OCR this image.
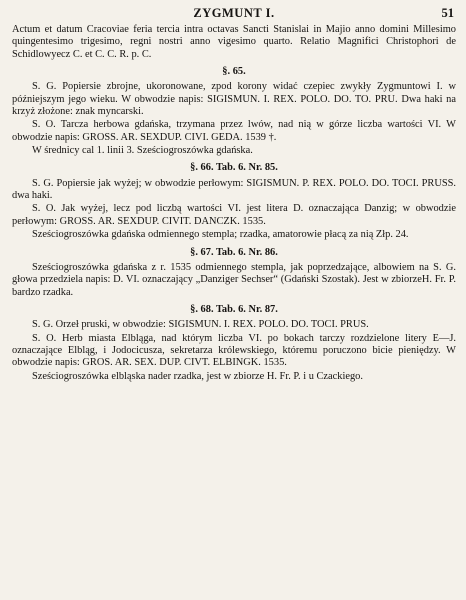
ZYGMUNT I.	51

Actum et datum Cracoviae feria tercia intra octavas Sancti Stanislai in Majio anno domini Millesimo quingentesimo trigesimo, regni nostri anno vigesimo quarto. Relatio Magnifici Christophori de Schidlowyecz C. et C. C. R. p. C.

§. 65.

S. G. Popiersie zbrojne, ukoronowane, zpod korony widać czepiec zwykły Zygmuntowi I. w późniejszym jego wieku. W obwodzie napis: SIGISMUN. I. REX. POLO. DO. TO. PRU. Dwa haki na krzyż złożone: znak myncarski.

S. O. Tarcza herbowa gdańska, trzymana przez lwów, nad nią w górze liczba wartości VI. W obwodzie napis: GROSS. AR. SEXDUP. CIVI. GEDA. 1539 †.

W średnicy cal 1. linii 3. Sześciogroszówka gdańska.

§. 66. Tab. 6. Nr. 85.

S. G. Popiersie jak wyżej; w obwodzie perłowym: SIGISMUN. P. REX. POLO. DO. TOCI. PRUSS. dwa haki.

S. O. Jak wyżej, lecz pod liczbą wartości VI. jest litera D. oznaczająca Danzig; w obwodzie perłowym: GROSS. AR. SEXDUP. CIVIT. DANCZK. 1535.

Sześciogroszówka gdańska odmiennego stempla; rzadka, amatorowie płacą za nią Złp. 24.

§. 67. Tab. 6. Nr. 86.

Sześciogroszówka gdańska z r. 1535 odmiennego stempla, jak poprzedzające, albowiem na S. G. głowa przedziela napis: D. VI. oznaczający „Danziger Sechser“ (Gdański Szostak). Jest w zbiorzeH. Fr. P. bardzo rzadka.

§. 68. Tab. 6. Nr. 87.

S. G. Orzeł pruski, w obwodzie: SIGISMUN. I. REX. POLO. DO. TOCI. PRUS.

S. O. Herb miasta Elbląga, nad którym liczba VI. po bokach tarczy rozdzielone litery E—J. oznaczające Elbląg, i Jodocicusza, sekretarza królewskiego, któremu poruczono bicie pieniędzy. W obwodzie napis: GROS. AR. SEX. DUP. CIVT. ELBINGK. 1535.

Sześciogroszówka elbląska nader rzadka, jest w zbiorze H. Fr. P. i u Czackiego.
